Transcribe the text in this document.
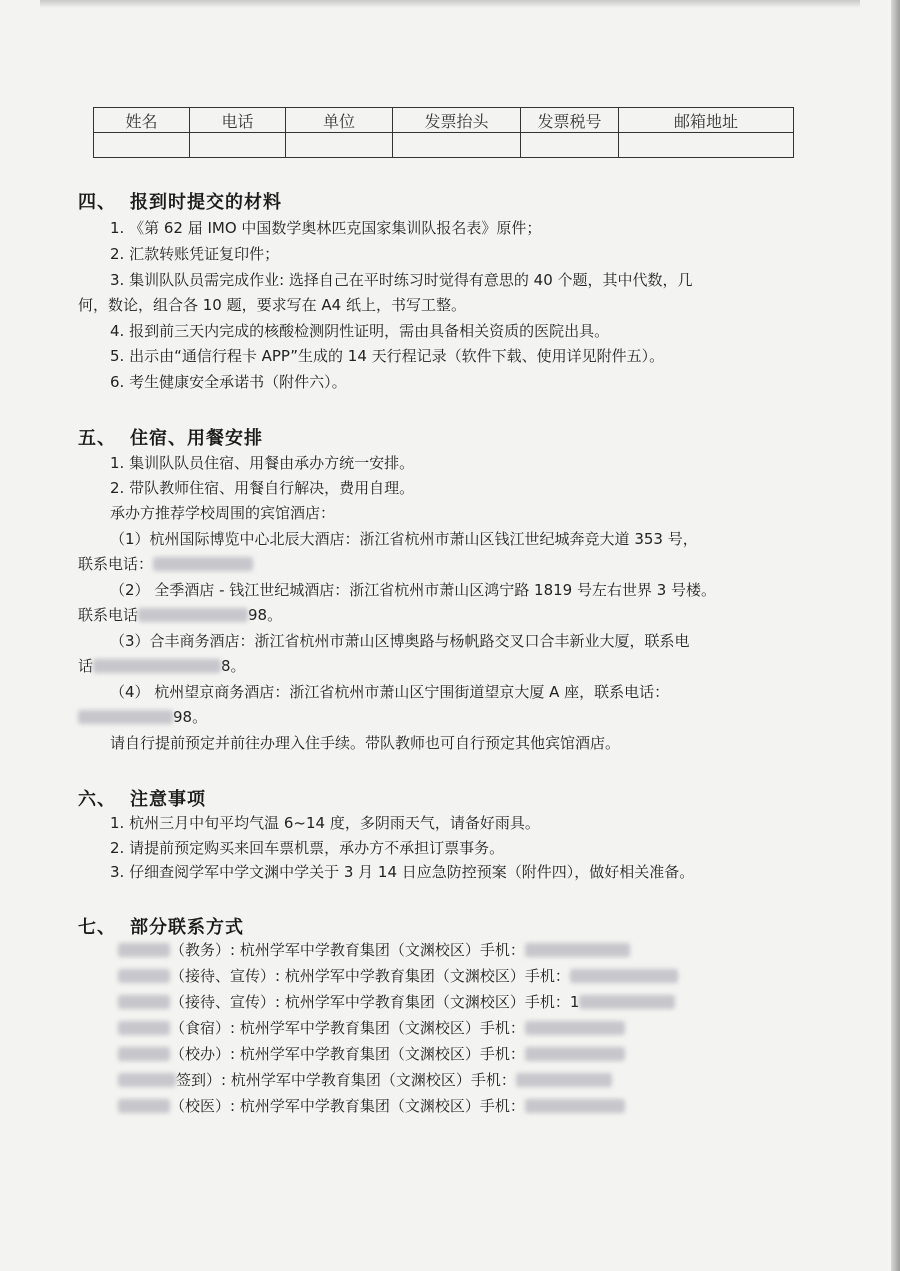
姓名	电话	单位	发票抬头	发票税号	邮箱地址

四、 报到时提交的材料

1. 《第 62 届 IMO 中国数学奥林匹克国家集训队报名表》原件；

2. 汇款转账凭证复印件；

3. 集训队队员需完成作业: 选择自己在平时练习时觉得有意思的 40 个题，其中代数，几

何，数论，组合各 10 题，要求写在 A4 纸上，书写工整。

4. 报到前三天内完成的核酸检测阴性证明，需由具备相关资质的医院出具。

5. 出示由“通信行程卡 APP”生成的 14 天行程记录（软件下载、使用详见附件五）。

6. 考生健康安全承诺书（附件六）。

五、 住宿、用餐安排

1. 集训队队员住宿、用餐由承办方统一安排。

2. 带队教师住宿、用餐自行解决，费用自理。

承办方推荐学校周围的宾馆酒店：

（1）杭州国际博览中心北辰大酒店：浙江省杭州市萧山区钱江世纪城奔竞大道 353 号，

联系电话：

（2） 全季酒店 - 钱江世纪城酒店：浙江省杭州市萧山区鸿宁路 1819 号左右世界 3 号楼。

联系电话	98。

（3）合丰商务酒店：浙江省杭州市萧山区博奥路与杨帆路交叉口合丰新业大厦，联系电

话	8。

（4） 杭州望京商务酒店：浙江省杭州市萧山区宁围街道望京大厦 A 座，联系电话：

98。

请自行提前预定并前往办理入住手续。带队教师也可自行预定其他宾馆酒店。

六、 注意事项

1. 杭州三月中旬平均气温 6~14 度，多阴雨天气，请备好雨具。

2. 请提前预定购买来回车票机票，承办方不承担订票事务。

3. 仔细查阅学军中学文渊中学关于 3 月 14 日应急防控预案（附件四），做好相关准备。

七、 部分联系方式

（教务）: 杭州学军中学教育集团（文渊校区）手机：

（接待、宣传）: 杭州学军中学教育集团（文渊校区）手机：

（接待、宣传）: 杭州学军中学教育集团（文渊校区）手机：1

（食宿）: 杭州学军中学教育集团（文渊校区）手机：

（校办）: 杭州学军中学教育集团（文渊校区）手机：

签到）: 杭州学军中学教育集团（文渊校区）手机：

（校医）: 杭州学军中学教育集团（文渊校区）手机：
